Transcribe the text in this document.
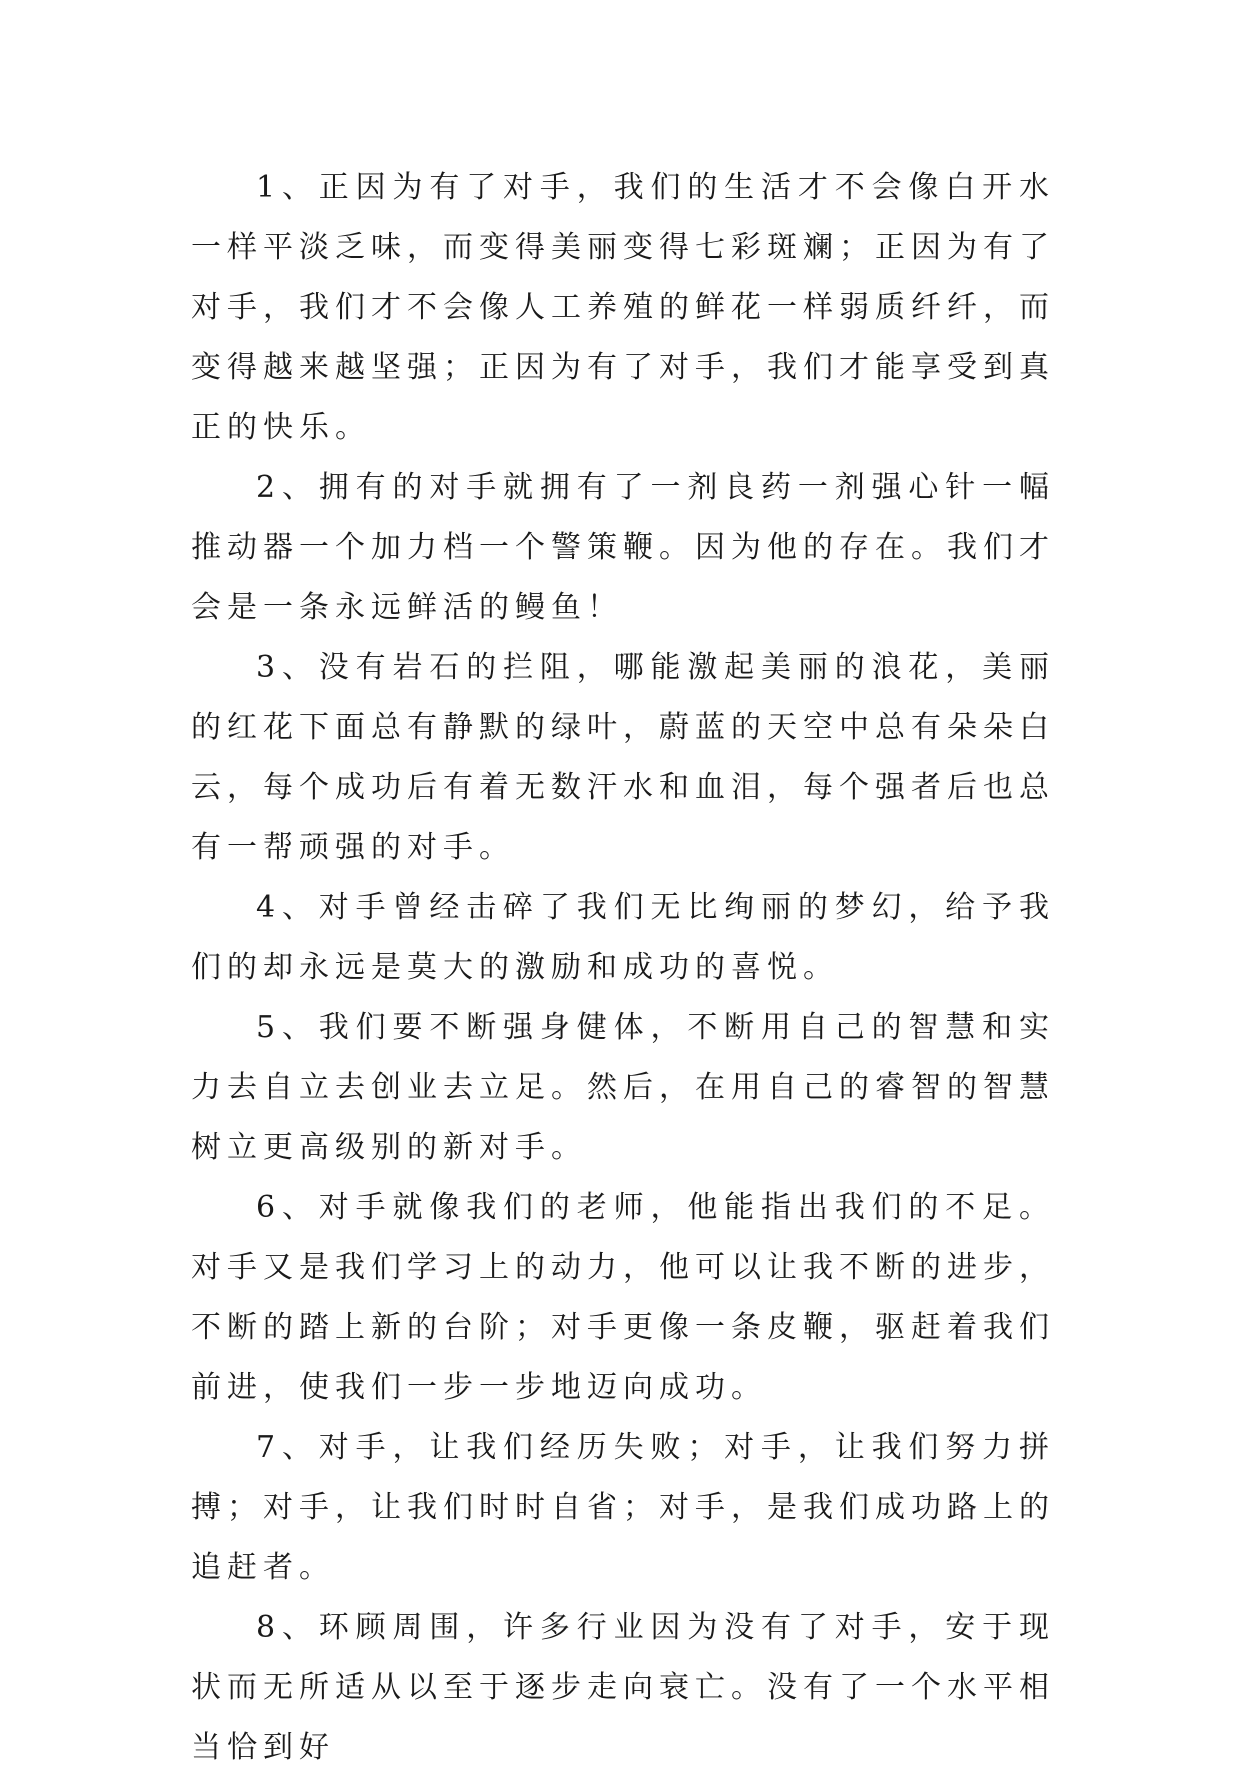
1、正因为有了对手，我们的生活才不会像白开水一样平淡乏味，而变得美丽变得七彩斑斓；正因为有了对手，我们才不会像人工养殖的鲜花一样弱质纤纤，而变得越来越坚强；正因为有了对手，我们才能享受到真正的快乐。

2、拥有的对手就拥有了一剂良药一剂强心针一幅推动器一个加力档一个警策鞭。因为他的存在。我们才会是一条永远鲜活的鳗鱼！

3、没有岩石的拦阻，哪能激起美丽的浪花，美丽的红花下面总有静默的绿叶，蔚蓝的天空中总有朵朵白云，每个成功后有着无数汗水和血泪，每个强者后也总有一帮顽强的对手。

4、对手曾经击碎了我们无比绚丽的梦幻，给予我们的却永远是莫大的激励和成功的喜悦。

5、我们要不断强身健体，不断用自己的智慧和实力去自立去创业去立足。然后，在用自己的睿智的智慧树立更高级别的新对手。

6、对手就像我们的老师，他能指出我们的不足。对手又是我们学习上的动力，他可以让我不断的进步，不断的踏上新的台阶；对手更像一条皮鞭，驱赶着我们前进，使我们一步一步地迈向成功。

7、对手，让我们经历失败；对手，让我们努力拼搏；对手，让我们时时自省；对手，是我们成功路上的追赶者。

8、环顾周围，许多行业因为没有了对手，安于现状而无所适从以至于逐步走向衰亡。没有了一个水平相当恰到好
